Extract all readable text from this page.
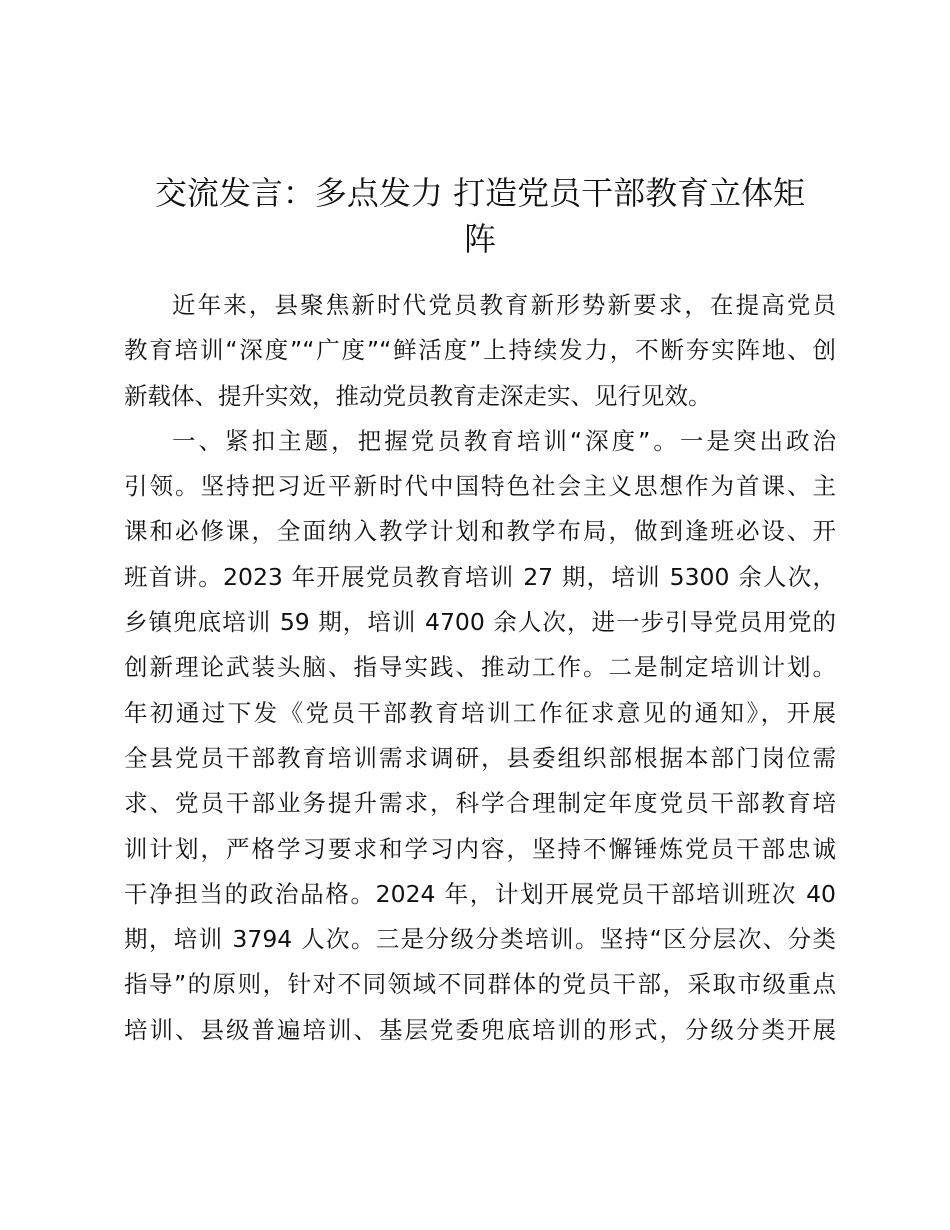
交流发言：多点发力 打造党员干部教育立体矩
阵
近年来，县聚焦新时代党员教育新形势新要求，在提高党员
教育培训“深度”“广度”“鲜活度”上持续发力，不断夯实阵地、创
新载体、提升实效，推动党员教育走深走实、见行见效。
一、紧扣主题，把握党员教育培训“深度”。一是突出政治
引领。坚持把习近平新时代中国特色社会主义思想作为首课、主
课和必修课，全面纳入教学计划和教学布局，做到逢班必设、开
班首讲。2023 年开展党员教育培训 27 期，培训 5300 余人次，
乡镇兜底培训 59 期，培训 4700 余人次，进一步引导党员用党的
创新理论武装头脑、指导实践、推动工作。二是制定培训计划。
年初通过下发《党员干部教育培训工作征求意见的通知》，开展
全县党员干部教育培训需求调研，县委组织部根据本部门岗位需
求、党员干部业务提升需求，科学合理制定年度党员干部教育培
训计划，严格学习要求和学习内容，坚持不懈锤炼党员干部忠诚
干净担当的政治品格。2024 年，计划开展党员干部培训班次 40
期，培训 3794 人次。三是分级分类培训。坚持“区分层次、分类
指导”的原则，针对不同领域不同群体的党员干部，采取市级重点
培训、县级普遍培训、基层党委兜底培训的形式，分级分类开展
